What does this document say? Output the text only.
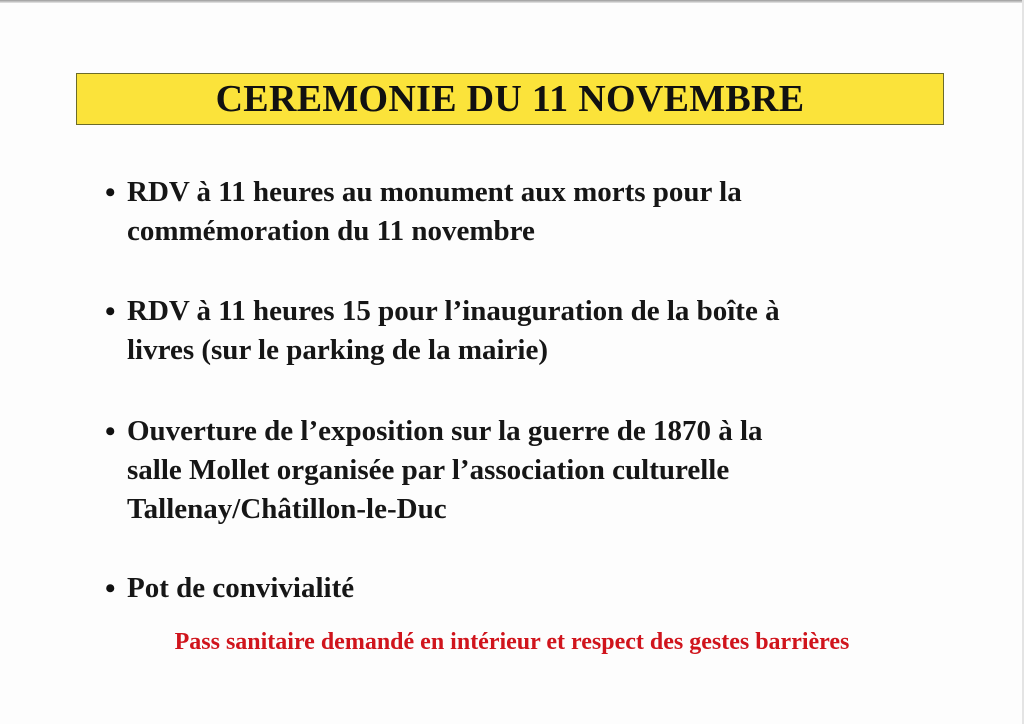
CEREMONIE DU 11 NOVEMBRE
• RDV à 11 heures au monument aux morts pour la
commémoration du 11 novembre
• RDV à 11 heures 15 pour l’inauguration de la boîte à
livres (sur le parking de la mairie)
• Ouverture de l’exposition sur la guerre de 1870 à la
salle Mollet organisée par l’association culturelle
Tallenay/Châtillon-le-Duc
• Pot de convivialité
Pass sanitaire demandé en intérieur et respect des gestes barrières
